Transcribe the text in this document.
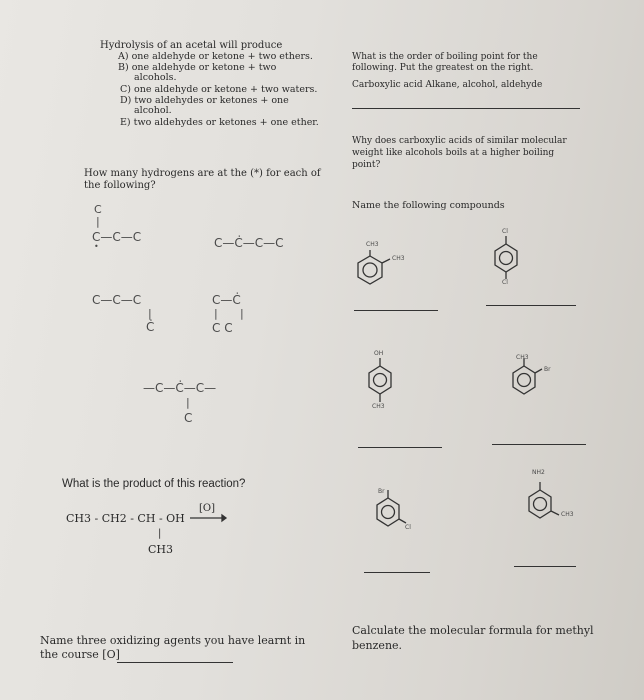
Hydrolysis of an acetal will produce
A) one aldehyde or ketone + two ethers.
B) one aldehyde or ketone + two
alcohols.
C) one aldehyde or ketone + two waters.
D) two aldehydes or ketones + one
alcohol.
E) two aldehydes or ketones + one ether.
How many hydrogens are at the (*) for each of
the following?
C
|
C—C—C
•	C—Ċ—C—C
C—C—C
|
Ċ
C—Ċ
| |
C C
—C—Ċ—C—
|
C
What is the product of this reaction?
CH3 - CH2 - CH - OH
[O]
|
CH3
Name three oxidizing agents you have learnt in
the course [O]
What is the order of boiling point for the
following. Put the greatest on the right.
Carboxylic acid Alkane, alcohol, aldehyde
Why does carboxylic acids of similar molecular
weight like alcohols boils at a higher boiling
point?
Name the following compounds
CH3
CH3
Cl
Cl
OH
CH3
CH3
Br
Br
Cl
NH2
CH3
Calculate the molecular formula for methyl
benzene.
